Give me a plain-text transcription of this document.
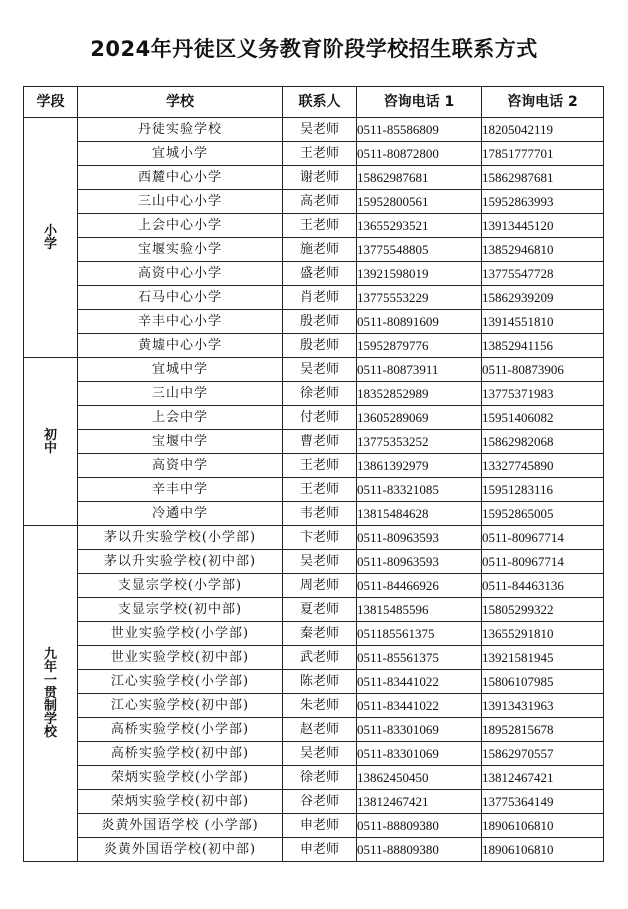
2024年丹徒区义务教育阶段学校招生联系方式
学段	学校	联系人	咨询电话 1	咨询电话 2
小学	丹徒实验学校	吴老师	0511-85586809	18205042119
	宜城小学	王老师	0511-80872800	17851777701
	西麓中心小学	谢老师	15862987681	15862987681
	三山中心小学	高老师	15952800561	15952863993
	上会中心小学	王老师	13655293521	13913445120
	宝堰实验小学	施老师	13775548805	13852946810
	高资中心小学	盛老师	13921598019	13775547728
	石马中心小学	肖老师	13775553229	15862939209
	辛丰中心小学	殷老师	0511-80891609	13914551810
	黄墟中心小学	殷老师	15952879776	13852941156
初中	宜城中学	吴老师	0511-80873911	0511-80873906
	三山中学	徐老师	18352852989	13775371983
	上会中学	付老师	13605289069	15951406082
	宝堰中学	曹老师	13775353252	15862982068
	高资中学	王老师	13861392979	13327745890
	辛丰中学	王老师	0511-83321085	15951283116
	冷遹中学	韦老师	13815484628	15952865005
九年一贯制学校	茅以升实验学校(小学部)	卞老师	0511-80963593	0511-80967714
	茅以升实验学校(初中部)	吴老师	0511-80963593	0511-80967714
	支显宗学校(小学部)	周老师	0511-84466926	0511-84463136
	支显宗学校(初中部)	夏老师	13815485596	15805299322
	世业实验学校(小学部)	秦老师	051185561375	13655291810
	世业实验学校(初中部)	武老师	0511-85561375	13921581945
	江心实验学校(小学部)	陈老师	0511-83441022	15806107985
	江心实验学校(初中部)	朱老师	0511-83441022	13913431963
	高桥实验学校(小学部)	赵老师	0511-83301069	18952815678
	高桥实验学校(初中部)	吴老师	0511-83301069	15862970557
	荣炳实验学校(小学部)	徐老师	13862450450	13812467421
	荣炳实验学校(初中部)	谷老师	13812467421	13775364149
	炎黄外国语学校 (小学部)	申老师	0511-88809380	18906106810
	炎黄外国语学校(初中部)	申老师	0511-88809380	18906106810
